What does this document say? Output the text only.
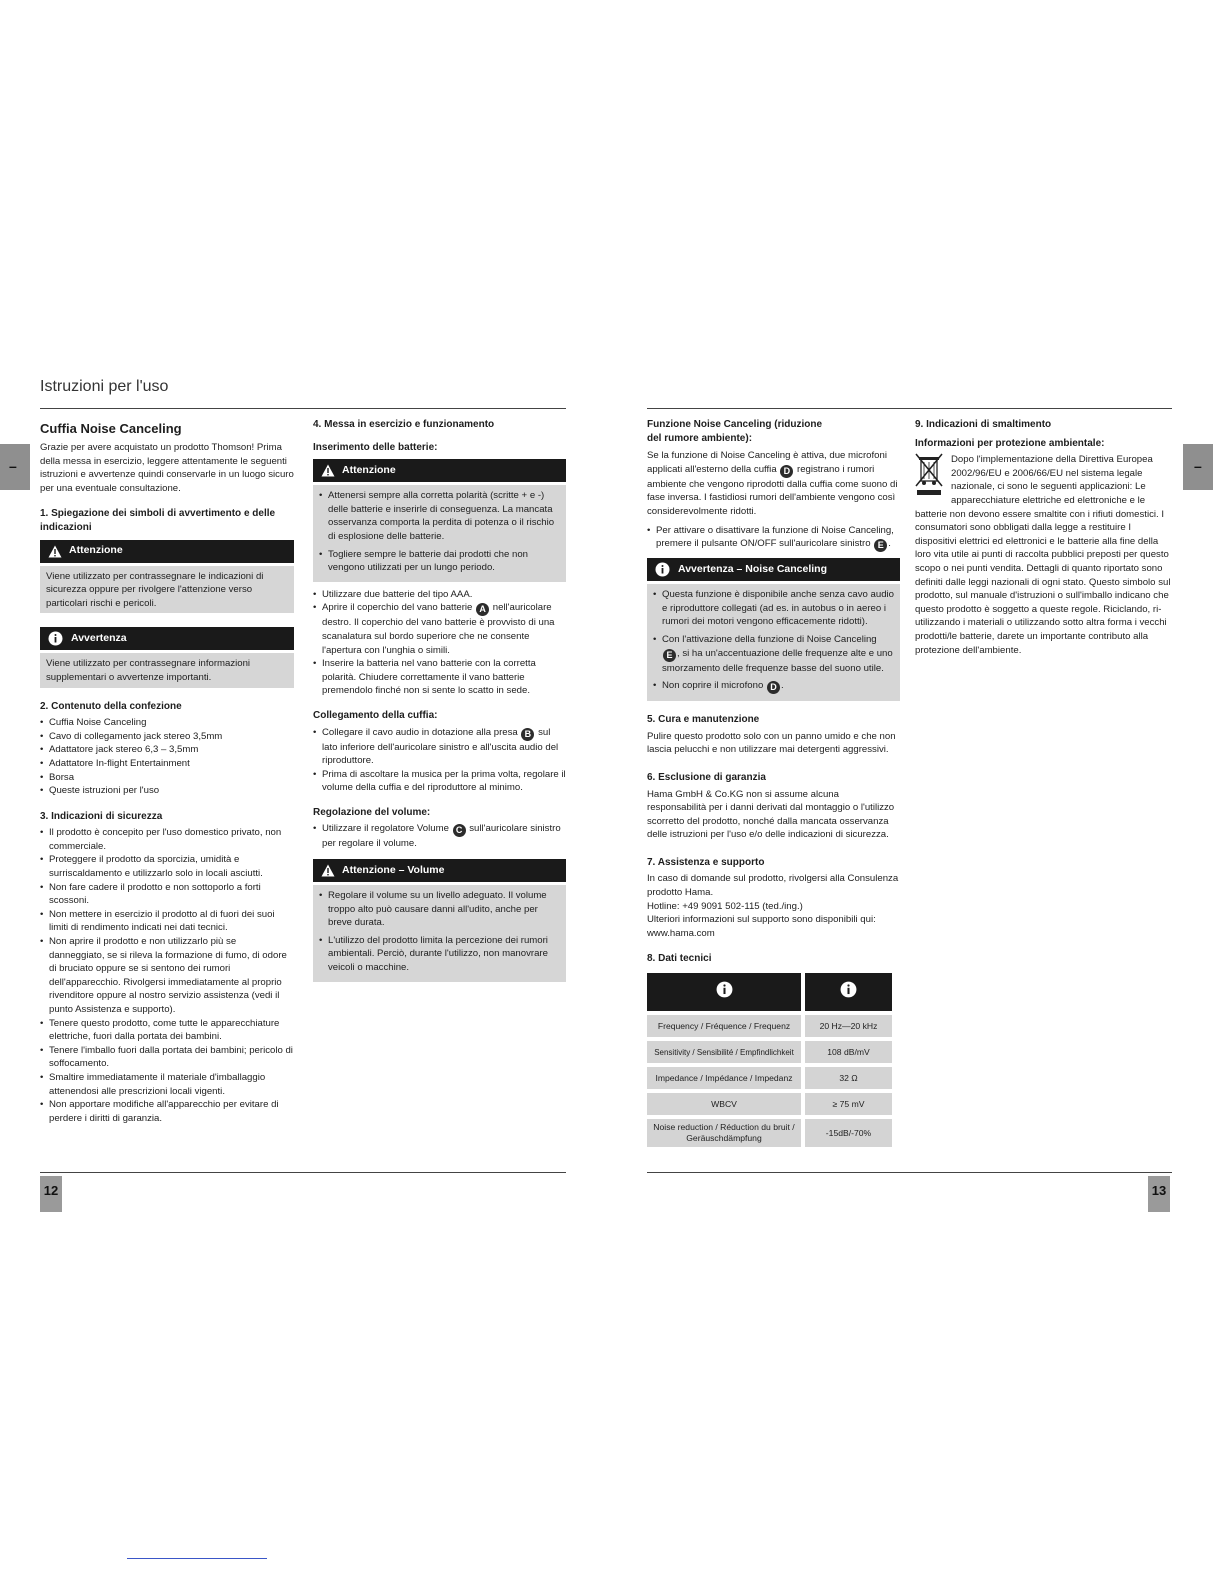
–	–
Istruzioni per l'uso
Cuffia Noise Canceling

Grazie per avere acquistato un prodotto Thomson! Prima della messa in esercizio, leggere attentamente le seguenti istruzioni e avvertenze quindi conservarle in un luogo sicuro per una eventuale consultazione.

1. Spiegazione dei simboli di avvertimento e delle indicazioni
Attenzione

Viene utilizzato per contrassegnare le indicazioni di sicurezza oppure per rivolgere l'attenzione verso particolari rischi e pericoli.

Avvertenza

Viene utilizzato per contrassegnare informazioni supplementari o avvertenze importanti.

2. Contenuto della confezione
• Cuffia Noise Canceling
• Cavo di collegamento jack stereo 3,5mm
• Adattatore jack stereo 6,3 – 3,5mm
• Adattatore In-flight Entertainment
• Borsa
• Queste istruzioni per l'uso
3. Indicazioni di sicurezza
• Il prodotto è concepito per l'uso domestico privato, non commerciale.
• Proteggere il prodotto da sporcizia, umidità e surriscaldamento e utilizzarlo solo in locali asciutti.
• Non fare cadere il prodotto e non sottoporlo a forti scossoni.
• Non mettere in esercizio il prodotto al di fuori dei suoi limiti di rendimento indicati nei dati tecnici.
• Non aprire il prodotto e non utilizzarlo più se danneggiato, se si rileva la formazione di fumo, di odore di bruciato oppure se si sentono dei rumori dell'apparecchio. Rivolgersi immediatamente al proprio rivenditore oppure al nostro servizio assistenza (vedi il punto Assistenza e supporto).
• Tenere questo prodotto, come tutte le apparecchiature elettriche, fuori dalla portata dei bambini.
• Tenere l'imballo fuori dalla portata dei bambini; pericolo di soffocamento.
• Smaltire immediatamente il materiale d'imballaggio attenendosi alle prescrizioni locali vigenti.
• Non apportare modifiche all'apparecchio per evitare di perdere i diritti di garanzia.
4. Messa in esercizio e funzionamento
Inserimento delle batterie:
Attenzione
• Attenersi sempre alla corretta polarità (scritte + e -) delle batterie e inserirle di conseguenza. La mancata osservanza comporta la perdita di potenza o il rischio di esplosione delle batterie.
• Togliere sempre le batterie dai prodotti che non vengono utilizzati per un lungo periodo.
• Utilizzare due batterie del tipo AAA.
• Aprire il coperchio del vano batterie A nell'auricolare destro. Il coperchio del vano batterie è provvisto di una scanalatura sul bordo superiore che ne consente l'apertura con l'unghia o simili.
• Inserire la batteria nel vano batterie con la corretta polarità. Chiudere correttamente il vano batterie premendolo finché non si sente lo scatto in sede.
Collegamento della cuffia:
• Collegare il cavo audio in dotazione alla presa B sul lato inferiore dell'auricolare sinistro e all'uscita audio del riproduttore.
• Prima di ascoltare la musica per la prima volta, regolare il volume della cuffia e del riproduttore al minimo.
Regolazione del volume:
• Utilizzare il regolatore Volume C sull'auricolare sinistro per regolare il volume.
Attenzione – Volume
• Regolare il volume su un livello adeguato. Il volume troppo alto può causare danni all'udito, anche per breve durata.
• L'utilizzo del prodotto limita la percezione dei rumori ambientali. Perciò, durante l'utilizzo, non manovrare veicoli o macchine.
Funzione Noise Canceling (riduzione del rumore ambiente):

Se la funzione di Noise Canceling è attiva, due microfoni applicati all'esterno della cuffia D registrano i rumori ambiente che vengono riprodotti dalla cuffia come suono di fase inversa. I fastidiosi rumori dell'ambiente vengono così considerevolmente ridotti.

• Per attivare o disattivare la funzione di Noise Canceling, premere il pulsante ON/OFF sull'auricolare sinistro E .
Avvertenza – Noise Canceling
• Questa funzione è disponibile anche senza cavo audio e riproduttore collegati (ad es. in autobus o in aereo i rumori dei motori vengono efficacemente ridotti).
• Con l'attivazione della funzione di Noise Canceling E , si ha un'accentuazione delle frequenze alte e uno smorzamento delle frequenze basse del suono utile.
• Non coprire il microfono D .
5. Cura e manutenzione

Pulire questo prodotto solo con un panno umido e che non lascia pelucchi e non utilizzare mai detergenti aggressivi.

6. Esclusione di garanzia

Hama GmbH & Co.KG non si assume alcuna responsabilità per i danni derivati dal montaggio o l'utilizzo scorretto del prodotto, nonché dalla mancata osservanza delle istruzioni per l'uso e/o delle indicazioni di sicurezza.

7. Assistenza e supporto

In caso di domande sul prodotto, rivolgersi alla Consulenza prodotto Hama.

Hotline: +49 9091 502-115 (ted./ing.)

Ulteriori informazioni sul supporto sono disponibili qui:

www.hama.com

8. Dati tecnici

Frequency / Fréquence / Frequenz	20 Hz—20 kHz
Sensitivity / Sensibilité / Empfindlichkeit	108 dB/mV
Impedance / Impédance / Impedanz	32 Ω
WBCV	≥ 75 mV
Noise reduction / Réduction du bruit / Geräuschdämpfung	-15dB/-70%
9. Indicazioni di smaltimento
Informazioni per protezione ambientale:

Dopo l'implementazione della Direttiva Europea 2002/96/EU e 2006/66/EU nel sistema legale nazionale, ci sono le seguenti applicazioni: Le apparecchiature elettriche ed elettroniche e le batterie non devono essere smaltite con i rifiuti domestici. I consumatori sono obbligati dalla legge a restituire I dispositivi elettrici ed elettronici e le batterie alla fine della loro vita utile ai punti di raccolta pubblici preposti per questo scopo o nei punti vendita. Dettagli di quanto riportato sono definiti dalle leggi nazionali di ogni stato. Questo simbolo sul prodotto, sul manuale d'istruzioni o sull'imballo indicano che questo prodotto è soggetto a queste regole. Riciclando, ri-utilizzando i materiali o utilizzando sotto altra forma i vecchi prodotti/le batterie, darete un importante contributo alla protezione dell'ambiente.

12	13
